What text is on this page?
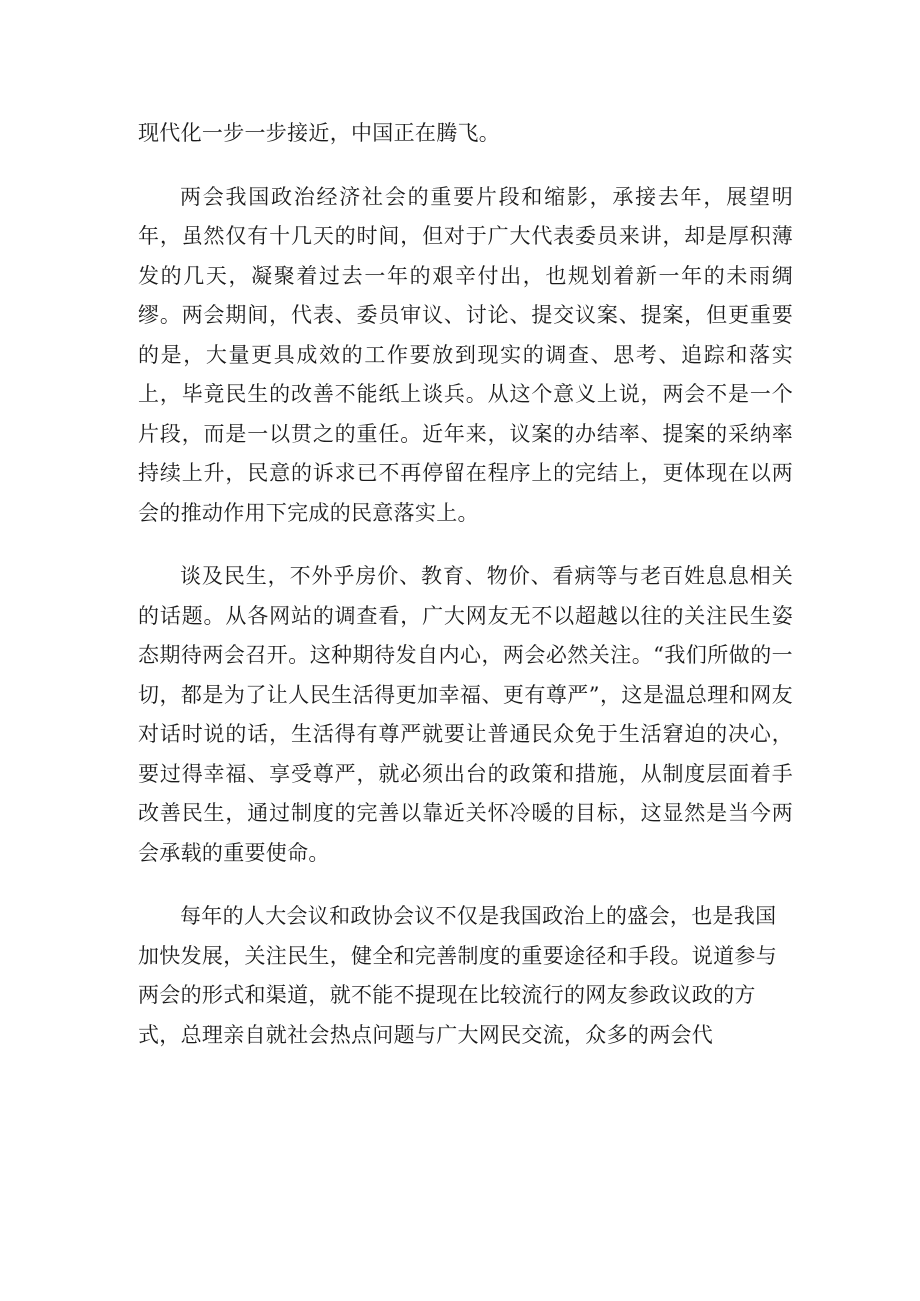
现代化一步一步接近，中国正在腾飞。

两会我国政治经济社会的重要片段和缩影，承接去年，展望明年，虽然仅有十几天的时间，但对于广大代表委员来讲，却是厚积薄发的几天，凝聚着过去一年的艰辛付出，也规划着新一年的未雨绸缪。两会期间，代表、委员审议、讨论、提交议案、提案，但更重要的是，大量更具成效的工作要放到现实的调查、思考、追踪和落实上，毕竟民生的改善不能纸上谈兵。从这个意义上说，两会不是一个片段，而是一以贯之的重任。近年来，议案的办结率、提案的采纳率持续上升，民意的诉求已不再停留在程序上的完结上，更体现在以两会的推动作用下完成的民意落实上。

谈及民生，不外乎房价、教育、物价、看病等与老百姓息息相关的话题。从各网站的调查看，广大网友无不以超越以往的关注民生姿态期待两会召开。这种期待发自内心，两会必然关注。“我们所做的一切，都是为了让人民生活得更加幸福、更有尊严”，这是温总理和网友对话时说的话，生活得有尊严就要让普通民众免于生活窘迫的决心，要过得幸福、享受尊严，就必须出台的政策和措施，从制度层面着手改善民生，通过制度的完善以靠近关怀冷暖的目标，这显然是当今两会承载的重要使命。

每年的人大会议和政协会议不仅是我国政治上的盛会，也是我国加快发展，关注民生，健全和完善制度的重要途径和手段。说道参与两会的形式和渠道，就不能不提现在比较流行的网友参政议政的方式，总理亲自就社会热点问题与广大网民交流，众多的两会代
